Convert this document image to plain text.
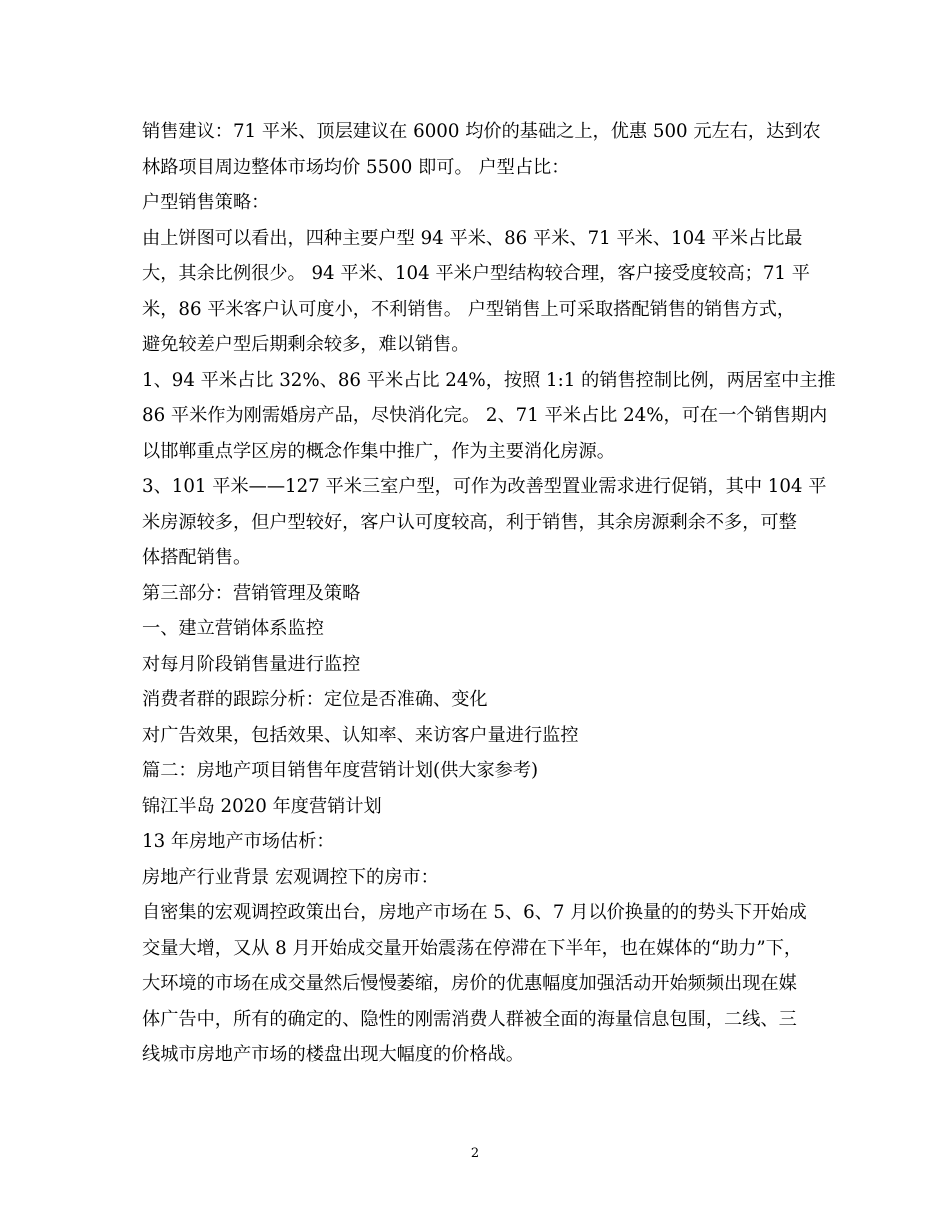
销售建议：71 平米、顶层建议在 6000 均价的基础之上，优惠 500 元左右，达到农
林路项目周边整体市场均价 5500 即可。 户型占比：

户型销售策略：

由上饼图可以看出，四种主要户型 94 平米、86 平米、71 平米、104 平米占比最
大，其余比例很少。 94 平米、104 平米户型结构较合理，客户接受度较高；71 平
米，86 平米客户认可度小，不利销售。 户型销售上可采取搭配销售的销售方式，
避免较差户型后期剩余较多，难以销售。

1、94 平米占比 32%、86 平米占比 24%，按照 1:1 的销售控制比例，两居室中主推
86 平米作为刚需婚房产品，尽快消化完。 2、71 平米占比 24%，可在一个销售期内
以邯郸重点学区房的概念作集中推广，作为主要消化房源。

3、101 平米——127 平米三室户型，可作为改善型置业需求进行促销，其中 104 平
米房源较多，但户型较好，客户认可度较高，利于销售，其余房源剩余不多，可整
体搭配销售。

第三部分：营销管理及策略

一、建立营销体系监控

对每月阶段销售量进行监控

消费者群的跟踪分析：定位是否准确、变化

对广告效果，包括效果、认知率、来访客户量进行监控

篇二：房地产项目销售年度营销计划(供大家参考)

锦江半岛 2020 年度营销计划

13 年房地产市场估析：

房地产行业背景 宏观调控下的房市：

自密集的宏观调控政策出台，房地产市场在 5、6、7 月以价换量的的势头下开始成
交量大增，又从 8 月开始成交量开始震荡在停滞在下半年，也在媒体的“助力”下，
大环境的市场在成交量然后慢慢萎缩，房价的优惠幅度加强活动开始频频出现在媒
体广告中，所有的确定的、隐性的刚需消费人群被全面的海量信息包围，二线、三
线城市房地产市场的楼盘出现大幅度的价格战。

2
